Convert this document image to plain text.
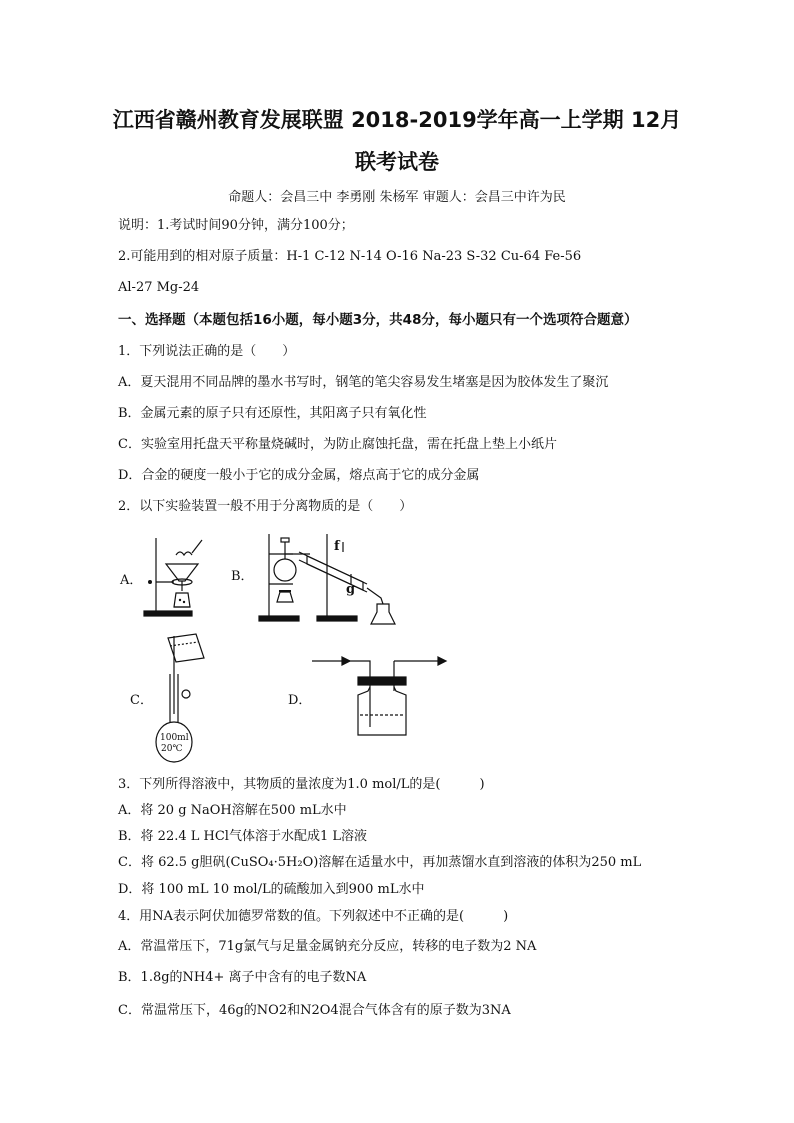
江西省赣州教育发展联盟 2018-2019学年高一上学期 12月
联考试卷
命题人：会昌三中 李勇刚 朱杨军 审题人：会昌三中许为民
说明：1.考试时间90分钟，满分100分；
2.可能用到的相对原子质量：H-1 C-12 N-14 O-16 Na-23 S-32 Cu-64 Fe-56
Al-27 Mg-24
一、选择题（本题包括16小题，每小题3分，共48分，每小题只有一个选项符合题意）
1．下列说法正确的是（　　）
A．夏天混用不同品牌的墨水书写时，钢笔的笔尖容易发生堵塞是因为胶体发生了聚沉
B．金属元素的原子只有还原性，其阳离子只有氧化性
C．实验室用托盘天平称量烧碱时，为防止腐蚀托盘，需在托盘上垫上小纸片
D．合金的硬度一般小于它的成分金属，熔点高于它的成分金属
2．以下实验装置一般不用于分离物质的是（　　）
A．	B．
C．	D．
f
g
100ml
20℃
3．下列所得溶液中，其物质的量浓度为1.0 mol/L的是(　　　)
A．将 20 g NaOH溶解在500 mL水中
B．将 22.4 L HCl气体溶于水配成1 L溶液
C．将 62.5 g胆矾(CuSO₄·5H₂O)溶解在适量水中，再加蒸馏水直到溶液的体积为250 mL
D．将 100 mL 10 mol/L的硫酸加入到900 mL水中
4．用NA表示阿伏加德罗常数的值。下列叙述中不正确的是(　　　)
A．常温常压下，71g氯气与足量金属钠充分反应，转移的电子数为2 NA
B．1.8g的NH4+ 离子中含有的电子数NA
C．常温常压下，46g的NO2和N2O4混合气体含有的原子数为3NA
